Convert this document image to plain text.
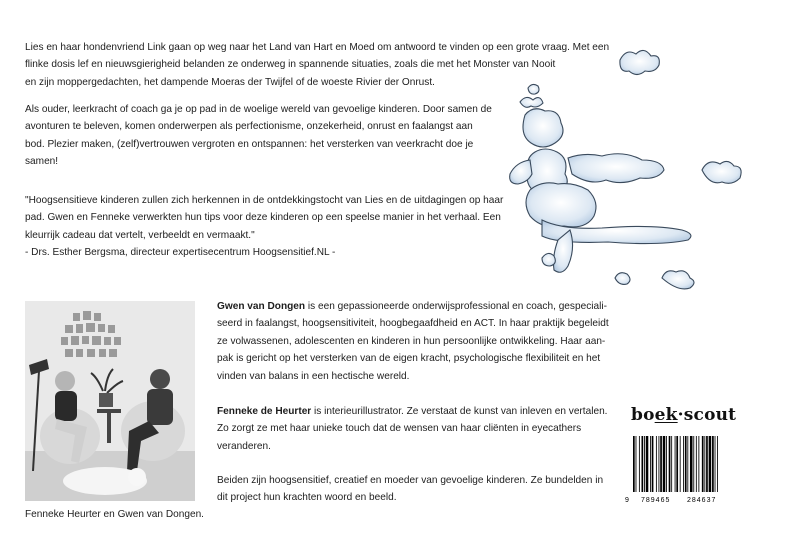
Lies en haar hondenvriend Link gaan op weg naar het Land van Hart en Moed om antwoord te vinden op een grote vraag. Met een
flinke dosis lef en nieuwsgierigheid belanden ze onderweg in spannende situaties, zoals die met het Monster van Nooit
en zijn moppergedachten, het dampende Moeras der Twijfel of de woeste Rivier der Onrust.
Als ouder, leerkracht of coach ga je op pad in de woelige wereld van gevoelige kinderen. Door samen de
avonturen te beleven, komen onderwerpen als perfectionisme, onzekerheid, onrust en faalangst aan
bod. Plezier maken, (zelf)vertrouwen vergroten en ontspannen: het versterken van veerkracht doe je
samen!
"Hoogsensitieve kinderen zullen zich herkennen in de ontdekkingstocht van Lies en de uitdagingen op haar
pad. Gwen en Fenneke verwerkten hun tips voor deze kinderen op een speelse manier in het verhaal. Een
kleurrijk cadeau dat vertelt, verbeeldt en vermaakt."
- Drs. Esther Bergsma, directeur expertisecentrum Hoogsensitief.NL -
Fenneke Heurter en Gwen van Dongen.
Gwen van Dongen is een gepassioneerde onderwijsprofessional en coach, gespeciali-
seerd in faalangst, hoogsensitiviteit, hoogbegaafdheid en ACT. In haar praktijk begeleidt
ze volwassenen, adolescenten en kinderen in hun persoonlijke ontwikkeling. Haar aan-
pak is gericht op het versterken van de eigen kracht, psychologische flexibiliteit en het
vinden van balans in een hectische wereld.
Fenneke de Heurter is interieurillustrator. Ze verstaat de kunst van inleven en vertalen.
Zo zorgt ze met haar unieke touch dat de wensen van haar cliënten in eyecathers
veranderen.
Beiden zijn hoogsensitief, creatief en moeder van gevoelige kinderen. Ze bundelden in
dit project hun krachten woord en beeld.
boek·scout
9 789465 284637
